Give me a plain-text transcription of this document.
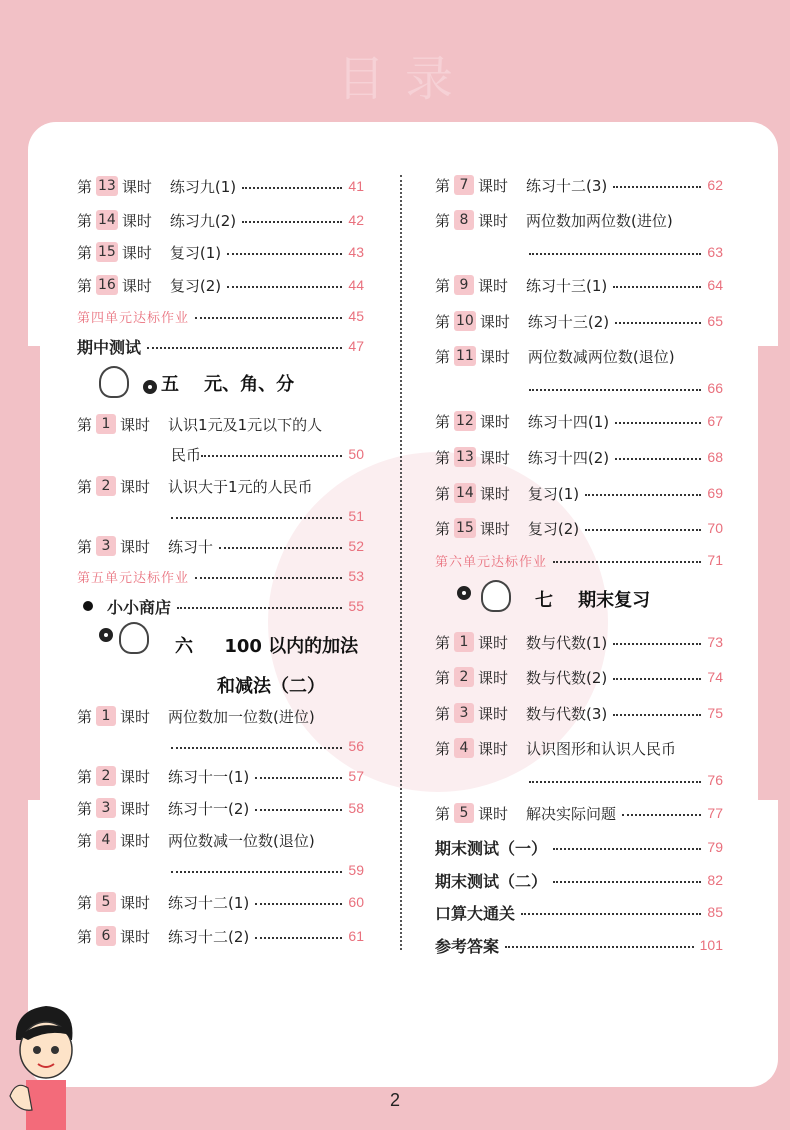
目录
第 13 课时 练习九(1)	41
第 14 课时 练习九(2)	42
第 15 课时 复习(1)	43
第 16 课时 复习(2)	44
第四单元达标作业	45
期中测试	47
五 元、角、分
第 1 课时 认识1元及1元以下的人
民币	50
第 2 课时 认识大于1元的人民币
51
第 3 课时 练习十	52
第五单元达标作业	53
小小商店	55
六 100 以内的加法
和减法（二）
第 1 课时 两位数加一位数(进位)
56
第 2 课时 练习十一(1)	57
第 3 课时 练习十一(2)	58
第 4 课时 两位数减一位数(退位)
59
第 5 课时 练习十二(1)	60
第 6 课时 练习十二(2)	61
第 7 课时 练习十二(3)	62
第 8 课时 两位数加两位数(进位)
63
第 9 课时 练习十三(1)	64
第 10 课时 练习十三(2)	65
第 11 课时 两位数减两位数(退位)
66
第 12 课时 练习十四(1)	67
第 13 课时 练习十四(2)	68
第 14 课时 复习(1)	69
第 15 课时 复习(2)	70
第六单元达标作业	71
七 期末复习
第 1 课时 数与代数(1)	73
第 2 课时 数与代数(2)	74
第 3 课时 数与代数(3)	75
第 4 课时 认识图形和认识人民币
76
第 5 课时 解决实际问题	77
期末测试（一）	79
期末测试（二）	82
口算大通关	85
参考答案	101
2
